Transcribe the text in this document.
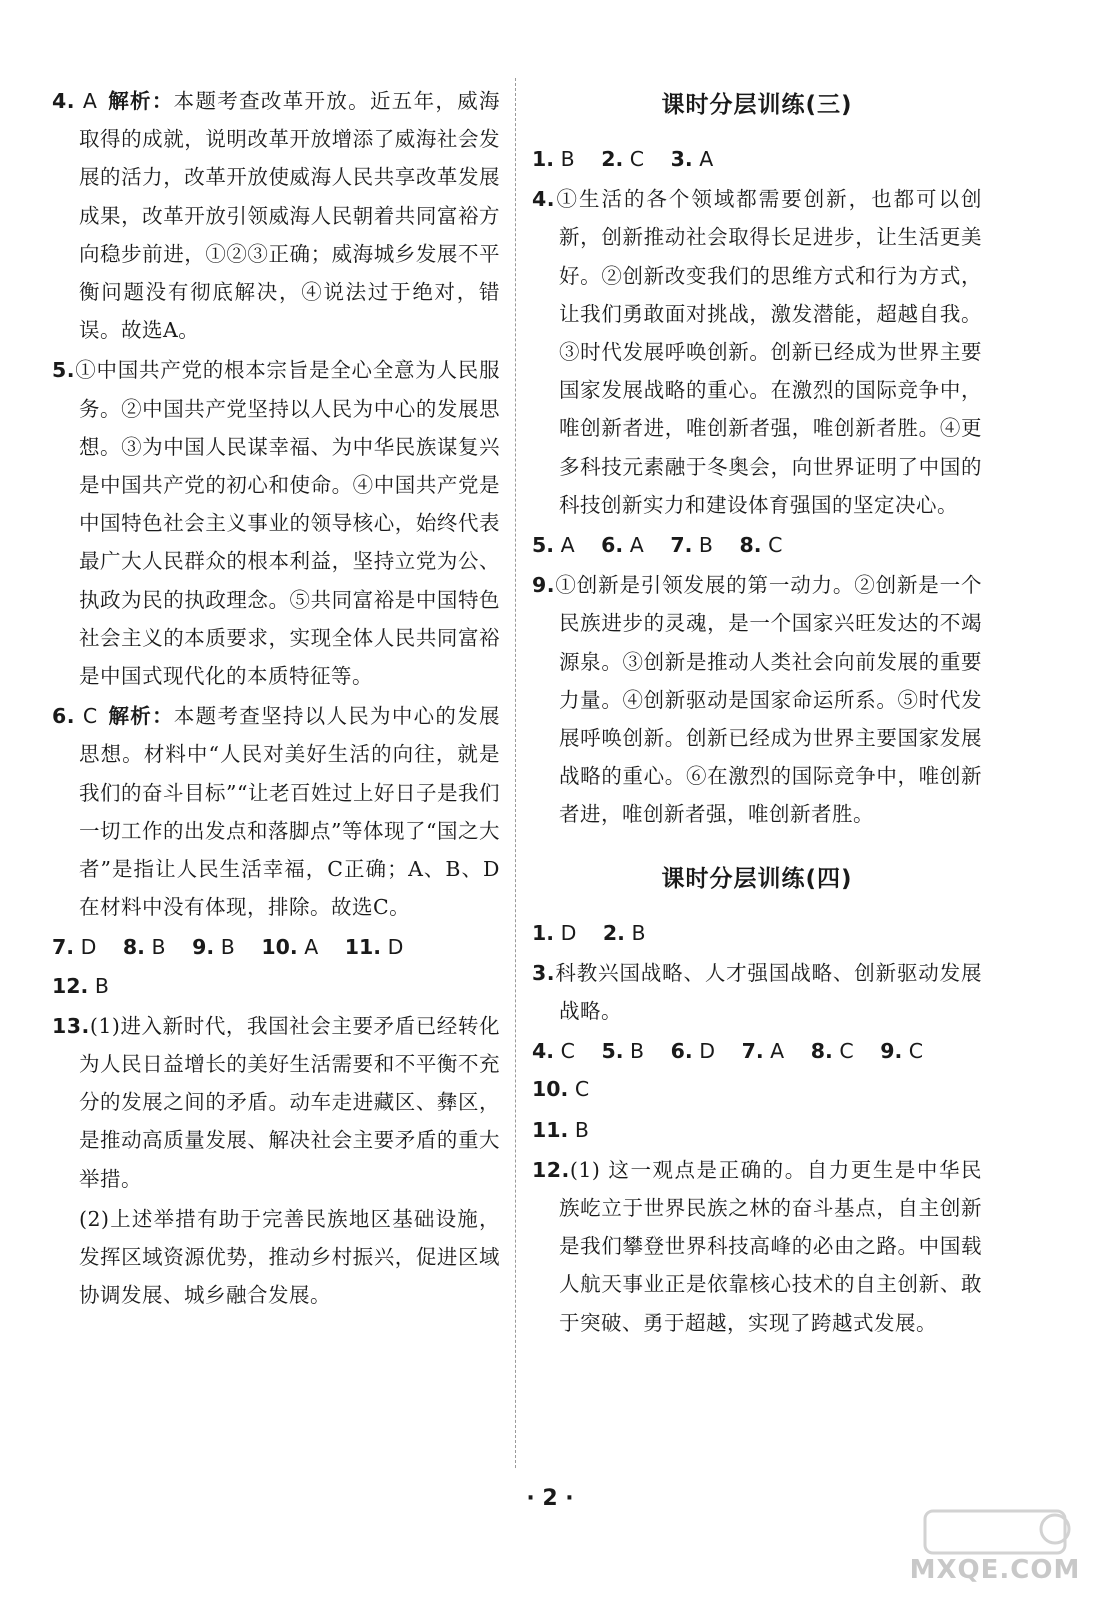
4. A 解析：本题考查改革开放。近五年，威海取得的成就，说明改革开放增添了威海社会发展的活力，改革开放使威海人民共享改革发展成果，改革开放引领威海人民朝着共同富裕方向稳步前进，①②③正确；威海城乡发展不平衡问题没有彻底解决，④说法过于绝对，错误。故选A。

5.①中国共产党的根本宗旨是全心全意为人民服务。②中国共产党坚持以人民为中心的发展思想。③为中国人民谋幸福、为中华民族谋复兴是中国共产党的初心和使命。④中国共产党是中国特色社会主义事业的领导核心，始终代表最广大人民群众的根本利益，坚持立党为公、执政为民的执政理念。⑤共同富裕是中国特色社会主义的本质要求，实现全体人民共同富裕是中国式现代化的本质特征等。

6. C 解析：本题考查坚持以人民为中心的发展思想。材料中“人民对美好生活的向往，就是我们的奋斗目标”“让老百姓过上好日子是我们一切工作的出发点和落脚点”等体现了“国之大者”是指让人民生活幸福，C正确；A、B、D在材料中没有体现，排除。故选C。

7. D 8. B 9. B 10. A 11. D 12. B

13.(1)进入新时代，我国社会主要矛盾已经转化为人民日益增长的美好生活需要和不平衡不充分的发展之间的矛盾。动车走进藏区、彝区，是推动高质量发展、解决社会主要矛盾的重大举措。

(2)上述举措有助于完善民族地区基础设施，发挥区域资源优势，推动乡村振兴，促进区域协调发展、城乡融合发展。

课时分层训练(三)
1. B 2. C 3. A

4.①生活的各个领域都需要创新，也都可以创新，创新推动社会取得长足进步，让生活更美好。②创新改变我们的思维方式和行为方式，让我们勇敢面对挑战，激发潜能，超越自我。③时代发展呼唤创新。创新已经成为世界主要国家发展战略的重心。在激烈的国际竞争中，唯创新者进，唯创新者强，唯创新者胜。④更多科技元素融于冬奥会，向世界证明了中国的科技创新实力和建设体育强国的坚定决心。

5. A 6. A 7. B 8. C

9.①创新是引领发展的第一动力。②创新是一个民族进步的灵魂，是一个国家兴旺发达的不竭源泉。③创新是推动人类社会向前发展的重要力量。④创新驱动是国家命运所系。⑤时代发展呼唤创新。创新已经成为世界主要国家发展战略的重心。⑥在激烈的国际竞争中，唯创新者进，唯创新者强，唯创新者胜。

课时分层训练(四)
1. D 2. B

3.科教兴国战略、人才强国战略、创新驱动发展战略。

4. C 5. B 6. D 7. A 8. C 9. C 10. C
11. B

12.(1) 这一观点是正确的。自力更生是中华民族屹立于世界民族之林的奋斗基点，自主创新是我们攀登世界科技高峰的必由之路。中国载人航天事业正是依靠核心技术的自主创新、敢于突破、勇于超越，实现了跨越式发展。

· 2 ·
MXQE.COM
